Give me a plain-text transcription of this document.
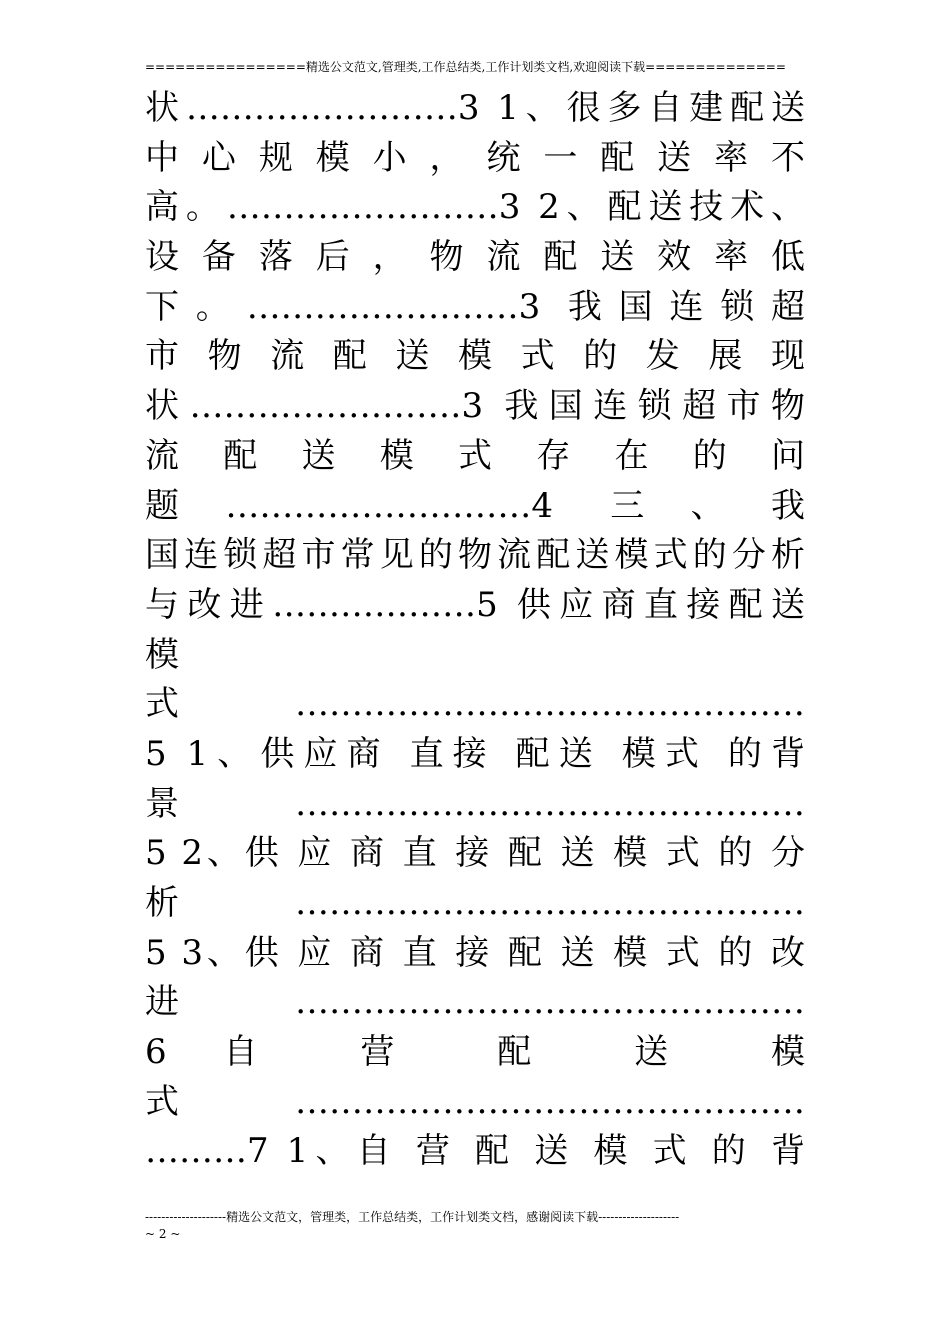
================精选公文范文,管理类,工作总结类,工作计划类文档,欢迎阅读下载==============
状……………………3 1、很多自建配送
中 心 规 模 小 ， 统 一 配 送 率 不
高。……………………3 2、配送技术、
设 备 落 后 ， 物 流 配 送 效 率 低
下。……………………3 我国连锁超
市 物 流 配 送 模 式 的 发 展 现
状……………………3 我国连锁超市物
流 配 送 模 式 存 在 的 问
题………………………4 三、我
国连锁超市常见的物流配送模式的分析
与改进………………5 供应商直接配送
模
式………………………………………
5 1、供应商 直接 配送 模式 的背
景………………………………………
5 2、供 应 商 直 接 配 送 模 式 的 分
析………………………………………
5 3、供 应 商 直 接 配 送 模 式 的 改
进………………………………………
6 自 营 配 送 模
式………………………………………
………7 1、自 营 配 送 模 式 的 背
--------------------精选公文范文，管理类，工作总结类，工作计划类文档，感谢阅读下载--------------------
~ 2 ~
